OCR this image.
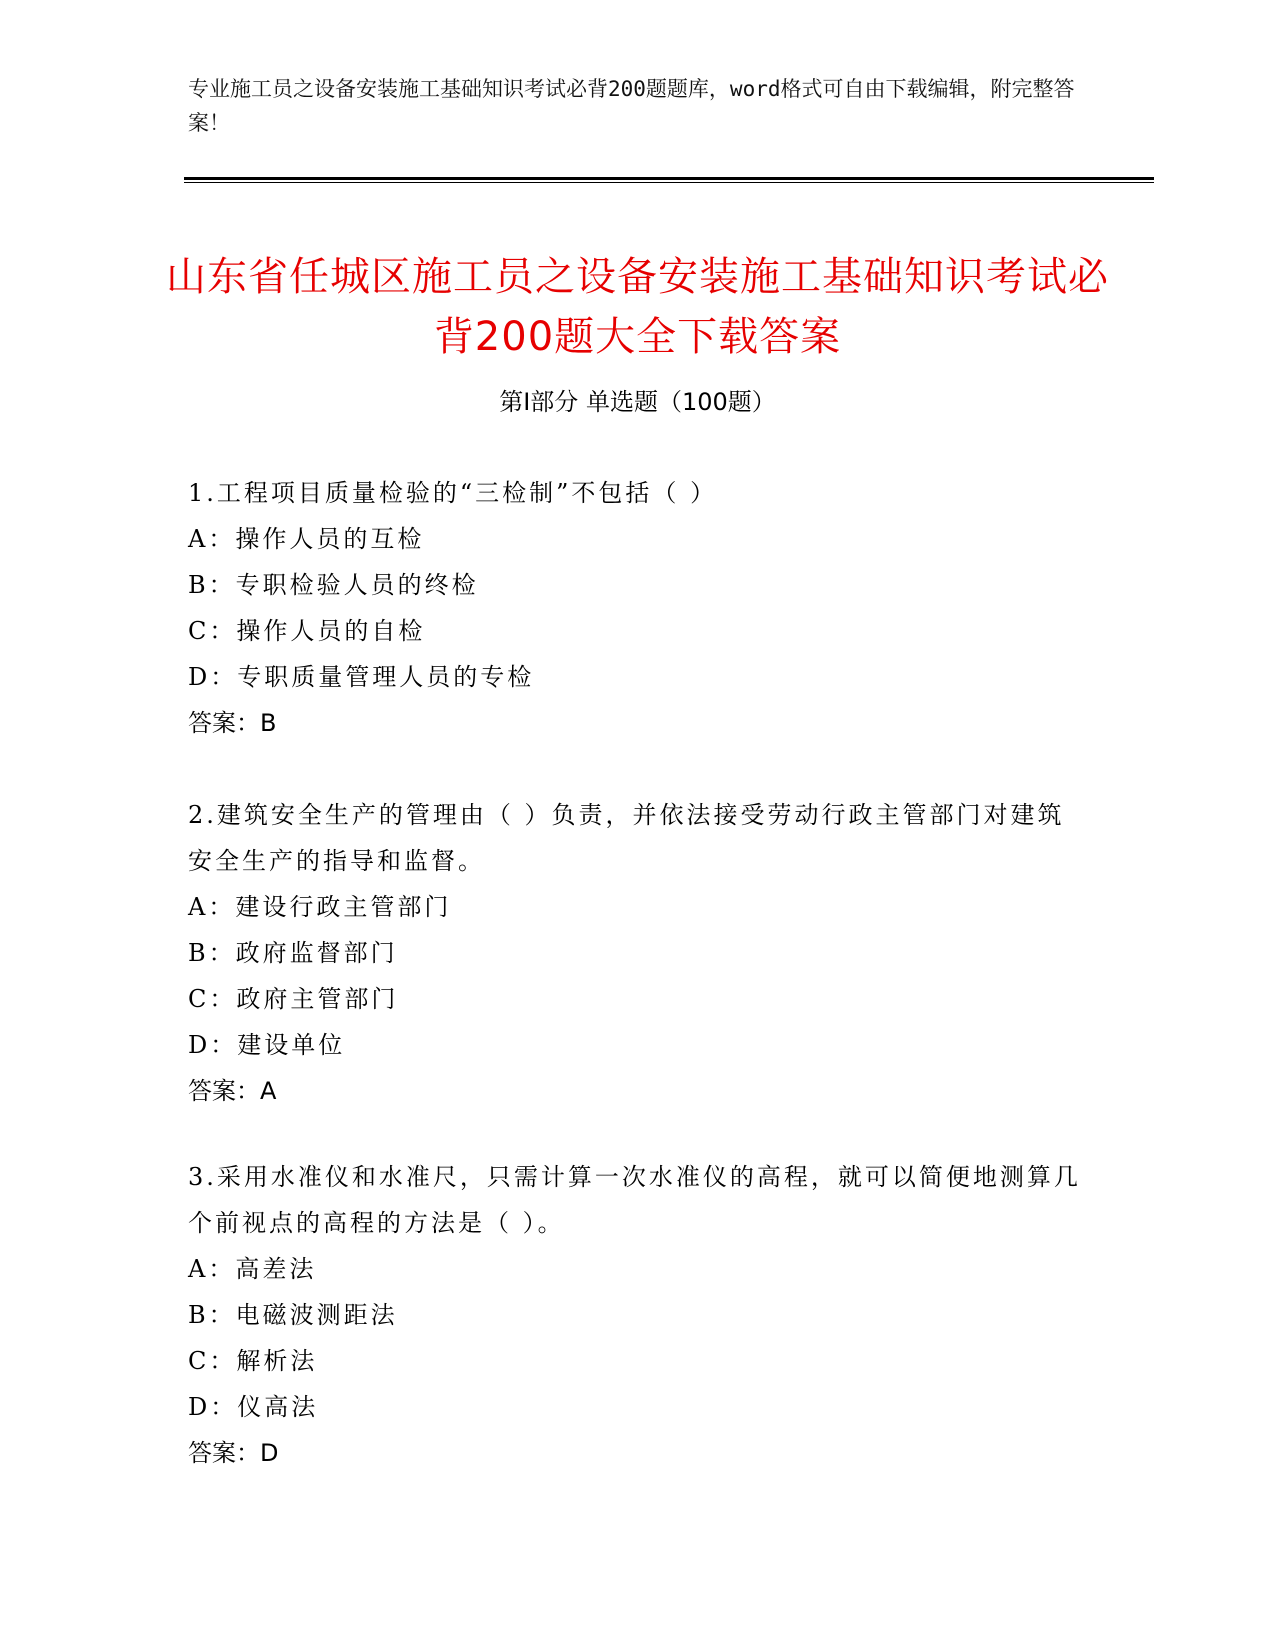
专业施工员之设备安装施工基础知识考试必背200题题库，word格式可自由下载编辑，附完整答案！
山东省任城区施工员之设备安装施工基础知识考试必背200题大全下载答案
第I部分 单选题（100题）

1.工程项目质量检验的“三检制”不包括（ ）

A：操作人员的互检

B：专职检验人员的终检

C：操作人员的自检

D：专职质量管理人员的专检

答案：B

2.建筑安全生产的管理由（ ）负责，并依法接受劳动行政主管部门对建筑安全生产的指导和监督。

A：建设行政主管部门

B：政府监督部门

C：政府主管部门

D：建设单位

答案：A

3.采用水准仪和水准尺，只需计算一次水准仪的高程，就可以简便地测算几个前视点的高程的方法是（ ）。

A：高差法

B：电磁波测距法

C：解析法

D：仪高法

答案：D
